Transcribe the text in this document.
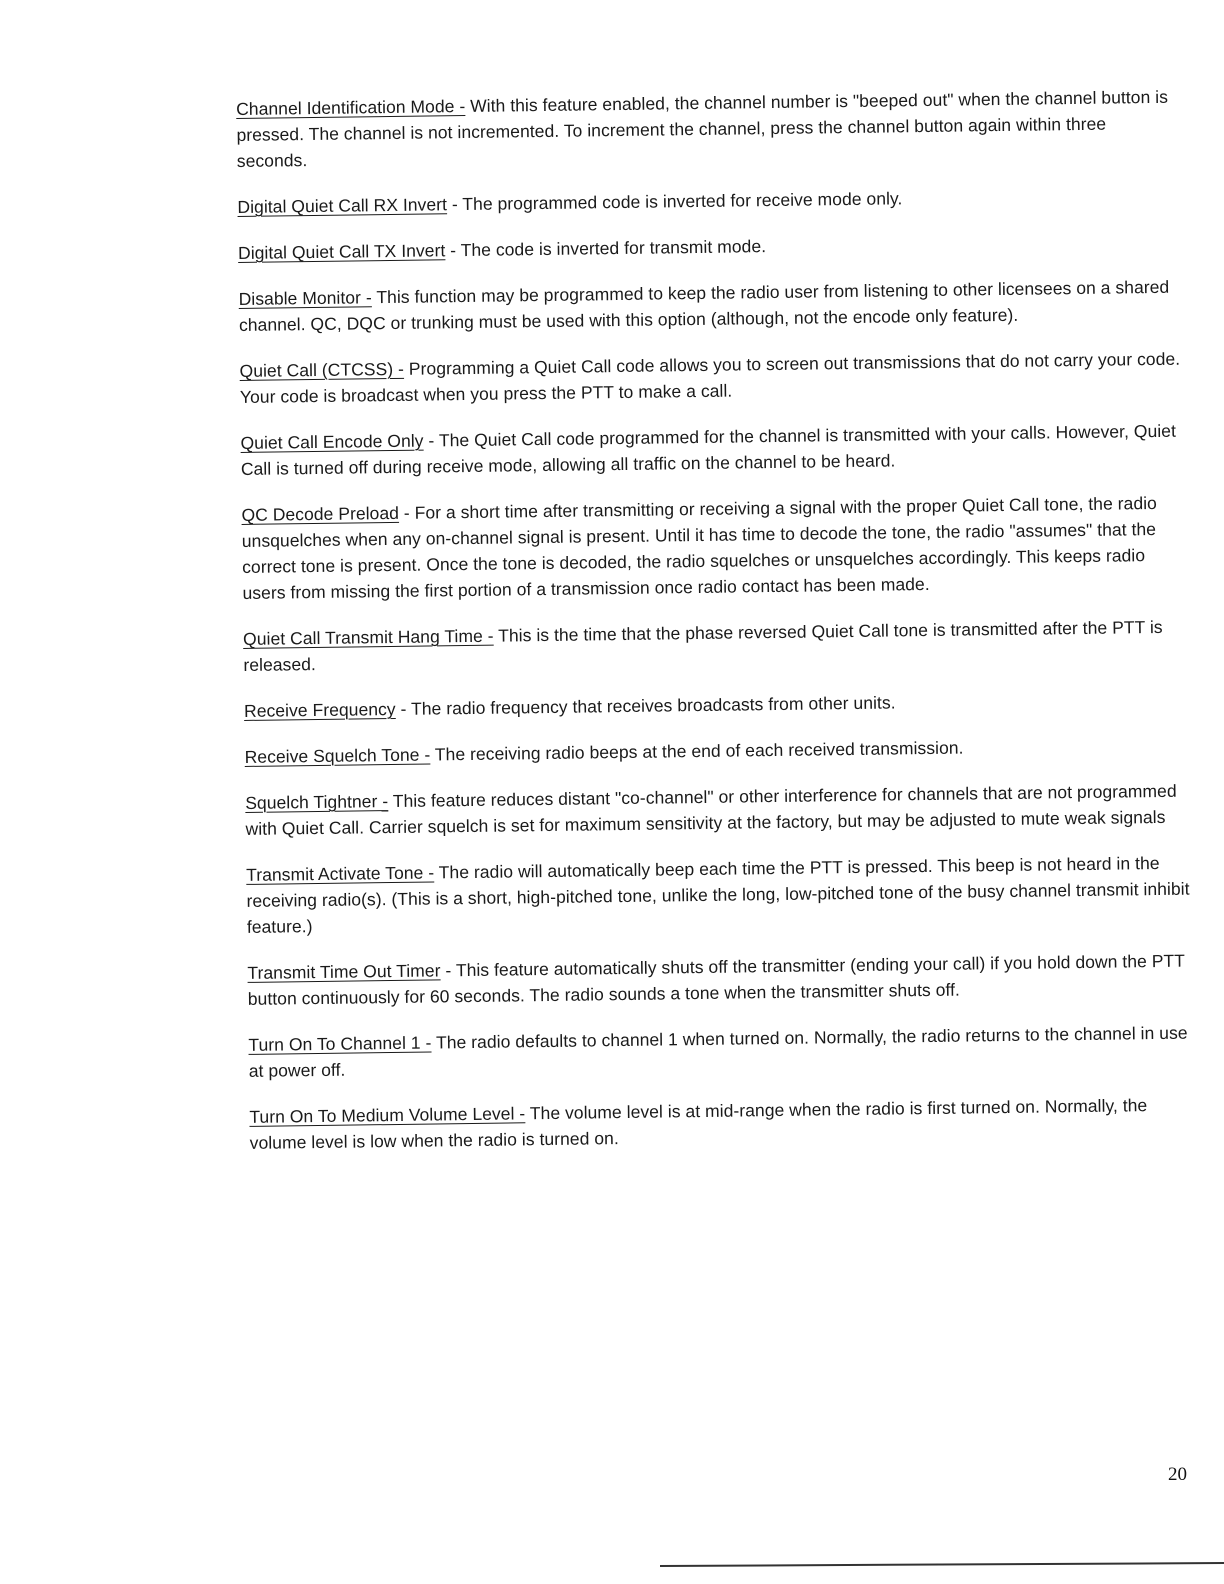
Channel Identification Mode - With this feature enabled, the channel number is "beeped out" when the channel button is pressed. The channel is not incremented. To increment the channel, press the channel button again within three seconds.

Digital Quiet Call RX Invert - The programmed code is inverted for receive mode only.

Digital Quiet Call TX Invert - The code is inverted for transmit mode.

Disable Monitor - This function may be programmed to keep the radio user from listening to other licensees on a shared channel. QC, DQC or trunking must be used with this option (although, not the encode only feature).

Quiet Call (CTCSS) - Programming a Quiet Call code allows you to screen out transmissions that do not carry your code. Your code is broadcast when you press the PTT to make a call.

Quiet Call Encode Only - The Quiet Call code programmed for the channel is transmitted with your calls. However, Quiet Call is turned off during receive mode, allowing all traffic on the channel to be heard.

QC Decode Preload - For a short time after transmitting or receiving a signal with the proper Quiet Call tone, the radio unsquelches when any on-channel signal is present. Until it has time to decode the tone, the radio "assumes" that the correct tone is present. Once the tone is decoded, the radio squelches or unsquelches accordingly. This keeps radio users from missing the first portion of a transmission once radio contact has been made.

Quiet Call Transmit Hang Time - This is the time that the phase reversed Quiet Call tone is transmitted after the PTT is released.

Receive Frequency - The radio frequency that receives broadcasts from other units.

Receive Squelch Tone - The receiving radio beeps at the end of each received transmission.

Squelch Tightner - This feature reduces distant "co-channel" or other interference for channels that are not programmed with Quiet Call. Carrier squelch is set for maximum sensitivity at the factory, but may be adjusted to mute weak signals

Transmit Activate Tone - The radio will automatically beep each time the PTT is pressed. This beep is not heard in the receiving radio(s). (This is a short, high-pitched tone, unlike the long, low-pitched tone of the busy channel transmit inhibit feature.)

Transmit Time Out Timer - This feature automatically shuts off the transmitter (ending your call) if you hold down the PTT button continuously for 60 seconds. The radio sounds a tone when the transmitter shuts off.

Turn On To Channel 1 - The radio defaults to channel 1 when turned on. Normally, the radio returns to the channel in use at power off.

Turn On To Medium Volume Level - The volume level is at mid-range when the radio is first turned on. Normally, the volume level is low when the radio is turned on.

20
